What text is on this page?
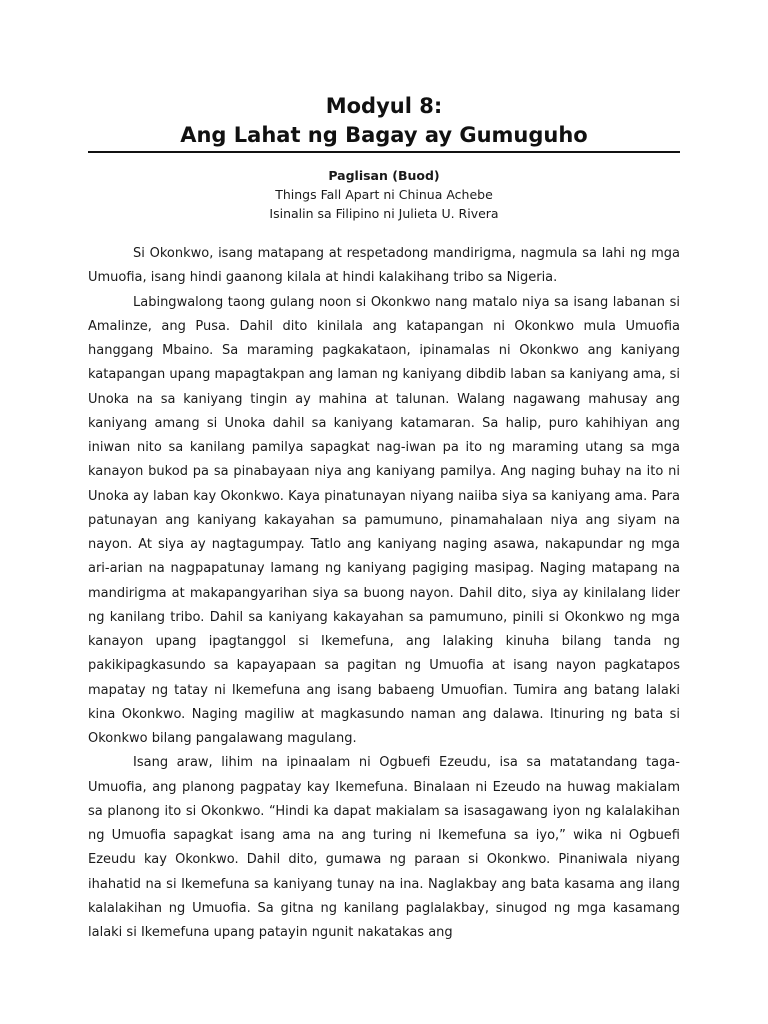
Modyul 8:
Ang Lahat ng Bagay ay Gumuguho
Paglisan (Buod)
Things Fall Apart ni Chinua Achebe
Isinalin sa Filipino ni Julieta U. Rivera

Si Okonkwo, isang matapang at respetadong mandirigma, nagmula sa lahi ng mga Umuofia, isang hindi gaanong kilala at hindi kalakihang tribo sa Nigeria.

Labingwalong taong gulang noon si Okonkwo nang matalo niya sa isang labanan si Amalinze, ang Pusa. Dahil dito kinilala ang katapangan ni Okonkwo mula Umuofia hanggang Mbaino. Sa maraming pagkakataon, ipinamalas ni Okonkwo ang kaniyang katapangan upang mapagtakpan ang laman ng kaniyang dibdib laban sa kaniyang ama, si Unoka na sa kaniyang tingin ay mahina at talunan. Walang nagawang mahusay ang kaniyang amang si Unoka dahil sa kaniyang katamaran. Sa halip, puro kahihiyan ang iniwan nito sa kanilang pamilya sapagkat nag-iwan pa ito ng maraming utang sa mga kanayon bukod pa sa pinabayaan niya ang kaniyang pamilya. Ang naging buhay na ito ni Unoka ay laban kay Okonkwo. Kaya pinatunayan niyang naiiba siya sa kaniyang ama. Para patunayan ang kaniyang kakayahan sa pamumuno, pinamahalaan niya ang siyam na nayon. At siya ay nagtagumpay. Tatlo ang kaniyang naging asawa, nakapundar ng mga ari-arian na nagpapatunay lamang ng kaniyang pagiging masipag. Naging matapang na mandirigma at makapangyarihan siya sa buong nayon. Dahil dito, siya ay kinilalang lider ng kanilang tribo. Dahil sa kaniyang kakayahan sa pamumuno, pinili si Okonkwo ng mga kanayon upang ipagtanggol si Ikemefuna, ang lalaking kinuha bilang tanda ng pakikipagkasundo sa kapayapaan sa pagitan ng Umuofia at isang nayon pagkatapos mapatay ng tatay ni Ikemefuna ang isang babaeng Umuofian. Tumira ang batang lalaki kina Okonkwo. Naging magiliw at magkasundo naman ang dalawa. Itinuring ng bata si Okonkwo bilang pangalawang magulang.

Isang araw, lihim na ipinaalam ni Ogbuefi Ezeudu, isa sa matatandang taga-Umuofia, ang planong pagpatay kay Ikemefuna. Binalaan ni Ezeudo na huwag makialam sa planong ito si Okonkwo. “Hindi ka dapat makialam sa isasagawang iyon ng kalalakihan ng Umuofia sapagkat isang ama na ang turing ni Ikemefuna sa iyo,” wika ni Ogbuefi Ezeudu kay Okonkwo. Dahil dito, gumawa ng paraan si Okonkwo. Pinaniwala niyang ihahatid na si Ikemefuna sa kaniyang tunay na ina. Naglakbay ang bata kasama ang ilang kalalakihan ng Umuofia. Sa gitna ng kanilang paglalakbay, sinugod ng mga kasamang lalaki si Ikemefuna upang patayin ngunit nakatakas ang
